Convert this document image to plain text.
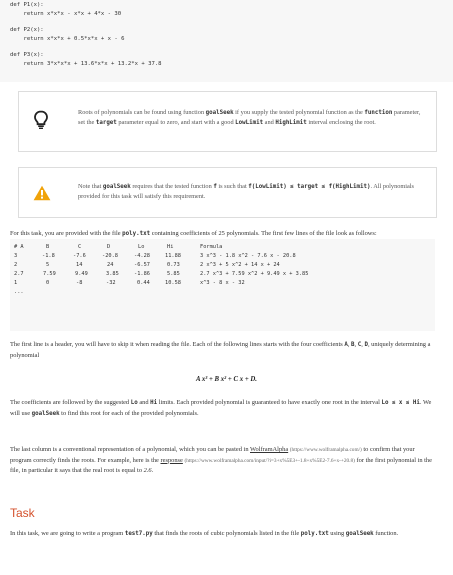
def P1(x):
return x*x*x - x*x + 4*x - 30
def P2(x):
return x*x*x + 0.5*x*x + x - 6
def P3(x):
return 3*x*x*x + 13.6*x*x + 13.2*x + 37.8
Roots of polynomials can be found using function goalSeek if you supply the tested polynomial function as the function parameter, set the target parameter equal to zero, and start with a good LowLimit and HighLimit interval enclosing the root.
Note that goalSeek requires that the tested function f is such that f(LowLimit) ≤ target ≤ f(HighLimit). All polynomials provided for this task will satisfy this requirement.
For this task, you are provided with the file poly.txt containing coefficients of 25 polynomials. The first few lines of the file look as follows:
# A	B	C	D	Lo	Hi	Formula
3	-1.8	-7.6	-20.8	-4.28	11.88	3 x^3 - 1.8 x^2 - 7.6 x - 20.8
2	5	14	24	-6.57	0.73	2 x^3 + 5 x^2 + 14 x + 24
2.7	7.59	9.49	3.85	-1.86	5.85	2.7 x^3 + 7.59 x^2 + 9.49 x + 3.85
1	0	-8	-32	0.44	10.58	x^3 - 8 x - 32
...
The first line is a header, you will have to skip it when reading the file. Each of the following lines starts with the four coefficients A, B, C, D, uniquely determining a polynomial
A x³ + B x² + C x + D.
The coefficients are followed by the suggested Lo and Hi limits. Each provided polynomial is guaranteed to have exactly one root in the interval Lo ≤ x ≤ Hi. We will use goalSeek to find this root for each of the provided polynomials.
The last column is a conventional representation of a polynomial, which you can be pasted in WolframAlpha (https://www.wolframalpha.com/) to confirm that your program correctly finds the roots. For example, here is the response (https://www.wolframalpha.com/input/?i=3+x%5E3+-1.8+x%5E2-7.6+x-+20.8) for the first polynomial in the file, in particular it says that the real root is equal to 2.6.
Task
In this task, we are going to write a program test7.py that finds the roots of cubic polynomials listed in the file poly.txt using goalSeek function.
